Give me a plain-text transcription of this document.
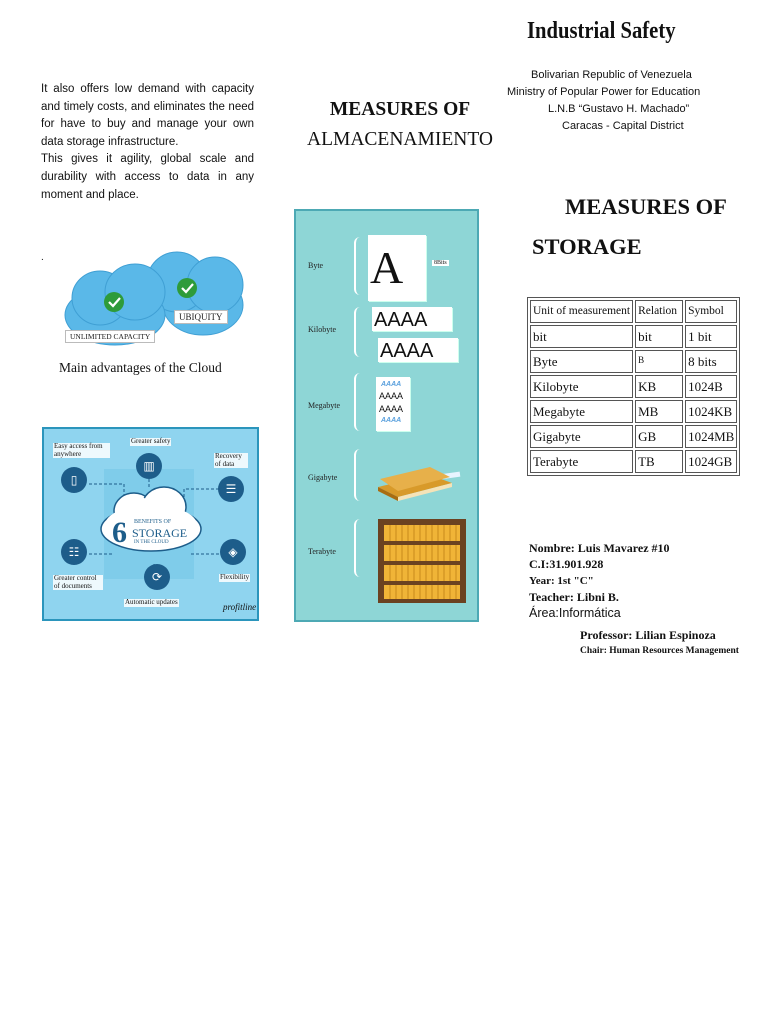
It also offers low demand with capacity and timely costs, and eliminates the need for have to buy and manage your own data storage infrastructure.

This gives it agility, global scale and durability with access to data in any moment and place.

.
UNLIMITED CAPACITY
UBIQUITY
Main advantages of the Cloud
6 BENEFITS OF
STORAGE
IN THE CLOUD
Easy access from anywhere
▯
Greater safety
▥
Recovery of data
☰
☷
Greater control of documents
⟳
Automatic updates
◈
Flexibility
profitline
MEASURES OF
ALMACENAMIENTO
Byte A	8Bits
Kilobyte AAAA
AAAA
Megabyte
AAAA
AAAA
AAAA
AAAA
Gigabyte
Terabyte
Industrial Safety
Bolivarian Republic of Venezuela
Ministry of Popular Power for Education
L.N.B “Gustavo H. Machado”
Caracas - Capital District
MEASURES OF
STORAGE
Unit of measurement	Relation	Symbol
bit	bit	1 bit
Byte	B	8 bits
Kilobyte	KB	1024B
Megabyte	MB	1024KB
Gigabyte	GB	1024MB
Terabyte	TB	1024GB
Nombre: Luis Mavarez #10
C.I:31.901.928
Year: 1st "C"
Teacher: Libni B.
Área:Informática
Professor: Lilian Espinoza
Chair: Human Resources Management
